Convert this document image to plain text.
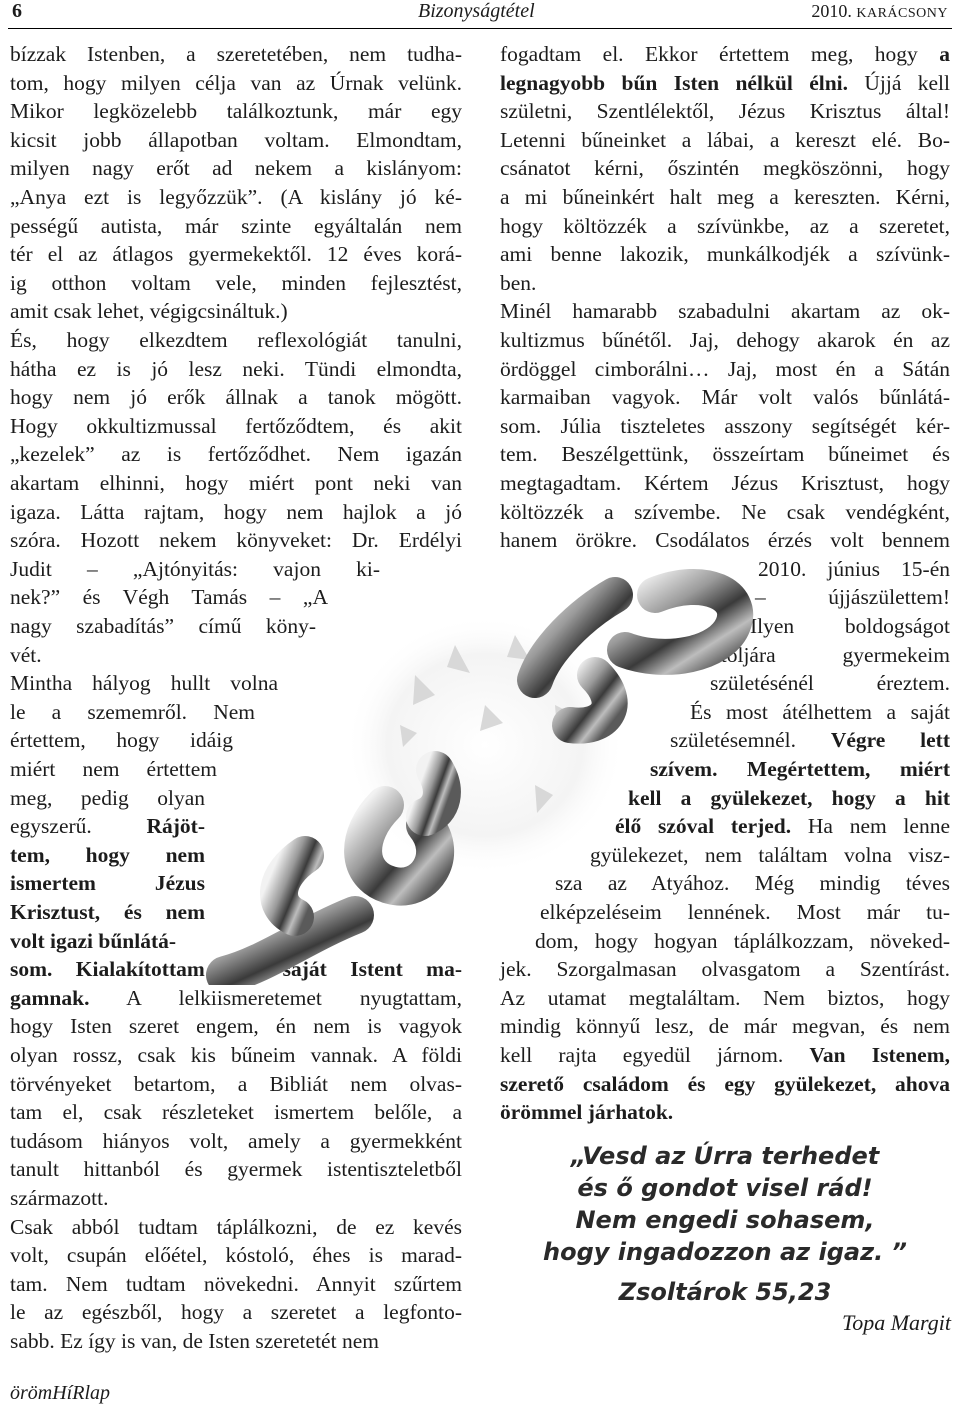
6	Bizonyságtétel	2010. KARÁCSONY
bízzak Istenben, a szeretetében, nem tudha-
tom, hogy milyen célja van az Úrnak velünk.
Mikor legközelebb találkoztunk, már egy
kicsit jobb állapotban voltam. Elmondtam,
milyen nagy erőt ad nekem a kislányom:
„Anya ezt is legyőzzük”. (A kislány jó ké-
pességű autista, már szinte egyáltalán nem
tér el az átlagos gyermekektől. 12 éves korá-
ig otthon voltam vele, minden fejlesztést,
amit csak lehet, végigcsináltuk.)
És, hogy elkezdtem reflexológiát tanulni,
hátha ez is jó lesz neki. Tündi elmondta,
hogy nem jó erők állnak a tanok mögött.
Hogy okkultizmussal fertőződtem, és akit
„kezelek” az is fertőződhet. Nem igazán
akartam elhinni, hogy miért pont neki van
igaza. Látta rajtam, hogy nem hajlok a jó
szóra. Hozott nekem könyveket: Dr. Erdélyi
Judit – „Ajtónyitás: vajon ki-
nek?” és Végh Tamás – „A
nagy szabadítás” című köny-
vét.
Mintha hályog hullt volna
le a szememről. Nem
értettem, hogy idáig
miért nem értettem
meg, pedig olyan
egyszerű. Rájöt-
tem, hogy nem
ismertem Jézus
Krisztust, és nem
volt igazi bűnlátá-
som. Kialakítottam egy saját Istent ma-
gamnak. A lelkiismeretemet nyugtattam,
hogy Isten szeret engem, én nem is vagyok
olyan rossz, csak kis bűneim vannak. A földi
törvényeket betartom, a Bibliát nem olvas-
tam el, csak részleteket ismertem belőle, a
tudásom hiányos volt, amely a gyermekként
tanult hittanból és gyermek istentiszteletből
származott.
Csak abból tudtam táplálkozni, de ez kevés
volt, csupán előétel, kóstoló, éhes is marad-
tam. Nem tudtam növekedni. Annyit szűrtem
le az egészből, hogy a szeretet a legfonto-
sabb. Ez így is van, de Isten szeretetét nem
fogadtam el. Ekkor értettem meg, hogy a
legnagyobb bűn Isten nélkül élni. Újjá kell
születni, Szentlélektől, Jézus Krisztus által!
Letenni bűneinket a lábai, a kereszt elé. Bo-
csánatot kérni, őszintén megköszönni, hogy
a mi bűneinkért halt meg a kereszten. Kérni,
hogy költözzék a szívünkbe, az a szeretet,
ami benne lakozik, munkálkodjék a szívünk-
ben.
Minél hamarabb szabadulni akartam az ok-
kultizmus bűnétől. Jaj, dehogy akarok én az
ördöggel cimborálni… Jaj, most én a Sátán
karmaiban vagyok. Már volt valós bűnlátá-
som. Júlia tiszteletes asszony segítségét kér-
tem. Beszélgettünk, összeírtam bűneimet és
megtagadtam. Kértem Jézus Krisztust, hogy
költözzék a szívembe. Ne csak vendégként,
hanem örökre. Csodálatos érzés volt bennem
2010. június 15-én
– újjászülettem!
Ilyen boldogságot
utoljára gyermekeim
születésénél éreztem.
És most átélhettem a saját
születésemnél. Végre lett
szívem. Megértettem, miért
kell a gyülekezet, hogy a hit
élő szóval terjed. Ha nem lenne
gyülekezet, nem találtam volna visz-
sza az Atyához. Még mindig téves
elképzeléseim lennének. Most már tu-
dom, hogy hogyan táplálkozzam, növeked-
jek. Szorgalmasan olvasgatom a Szentírást.
Az utamat megtaláltam. Nem biztos, hogy
mindig könnyű lesz, de már megvan, és nem
kell rajta egyedül járnom. Van Istenem,
szerető családom és egy gyülekezet, ahova
örömmel járhatok.
„Vesd az Úrra terhedet
és ő gondot visel rád!
Nem engedi sohasem,
hogy ingadozzon az igaz. ”
Zsoltárok 55,23
Topa Margit
örömHíRlap
